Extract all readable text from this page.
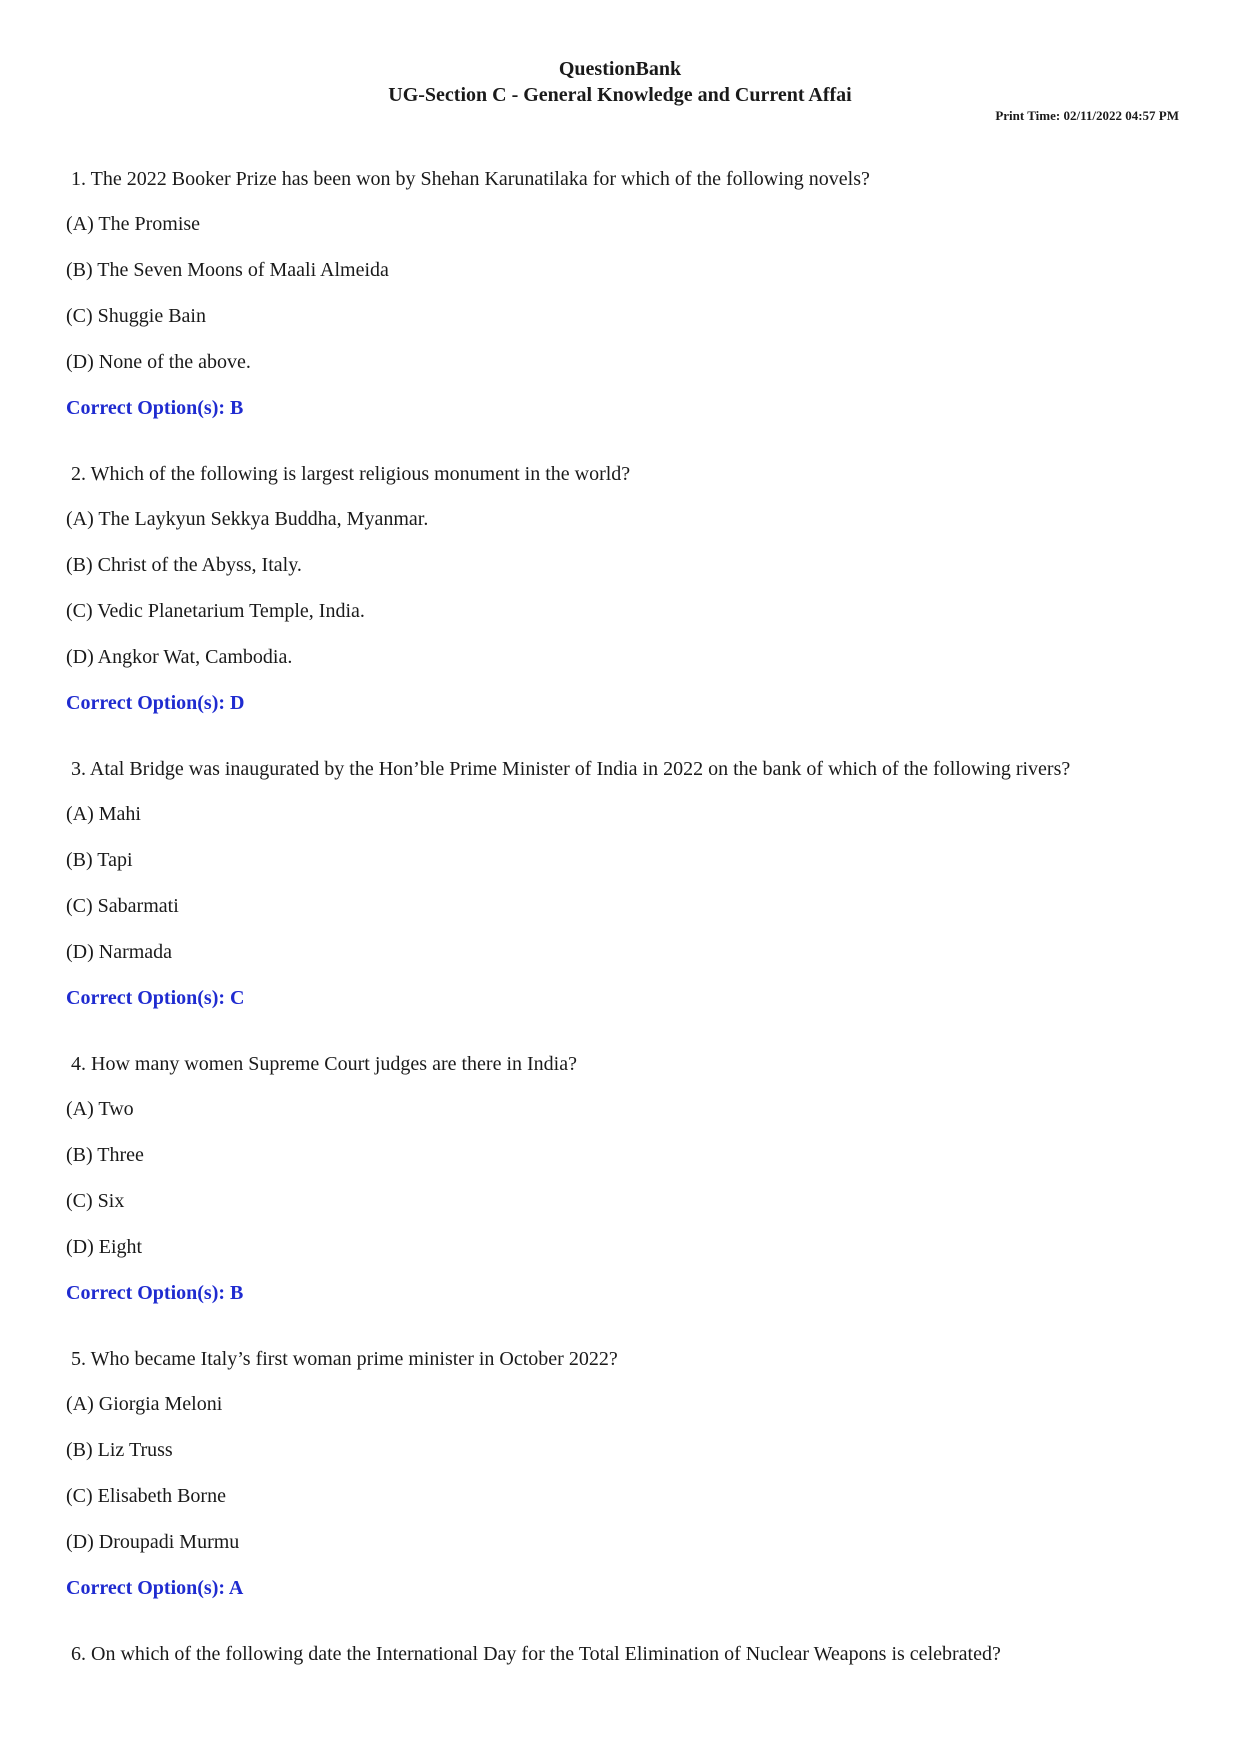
QuestionBank
UG-Section C - General Knowledge and Current Affai
Print Time: 02/11/2022 04:57 PM

1. The 2022 Booker Prize has been won by Shehan Karunatilaka for which of the following novels?

(A) The Promise

(B) The Seven Moons of Maali Almeida

(C) Shuggie Bain

(D) None of the above.

Correct Option(s): B

2. Which of the following is largest religious monument in the world?

(A) The Laykyun Sekkya Buddha, Myanmar.

(B) Christ of the Abyss, Italy.

(C) Vedic Planetarium Temple, India.

(D) Angkor Wat, Cambodia.

Correct Option(s): D

3. Atal Bridge was inaugurated by the Hon’ble Prime Minister of India in 2022 on the bank of which of the following rivers?

(A) Mahi

(B) Tapi

(C) Sabarmati

(D) Narmada

Correct Option(s): C

4. How many women Supreme Court judges are there in India?

(A) Two

(B) Three

(C) Six

(D) Eight

Correct Option(s): B

5. Who became Italy’s first woman prime minister in October 2022?

(A) Giorgia Meloni

(B) Liz Truss

(C) Elisabeth Borne

(D) Droupadi Murmu

Correct Option(s): A

6. On which of the following date the International Day for the Total Elimination of Nuclear Weapons is celebrated?
